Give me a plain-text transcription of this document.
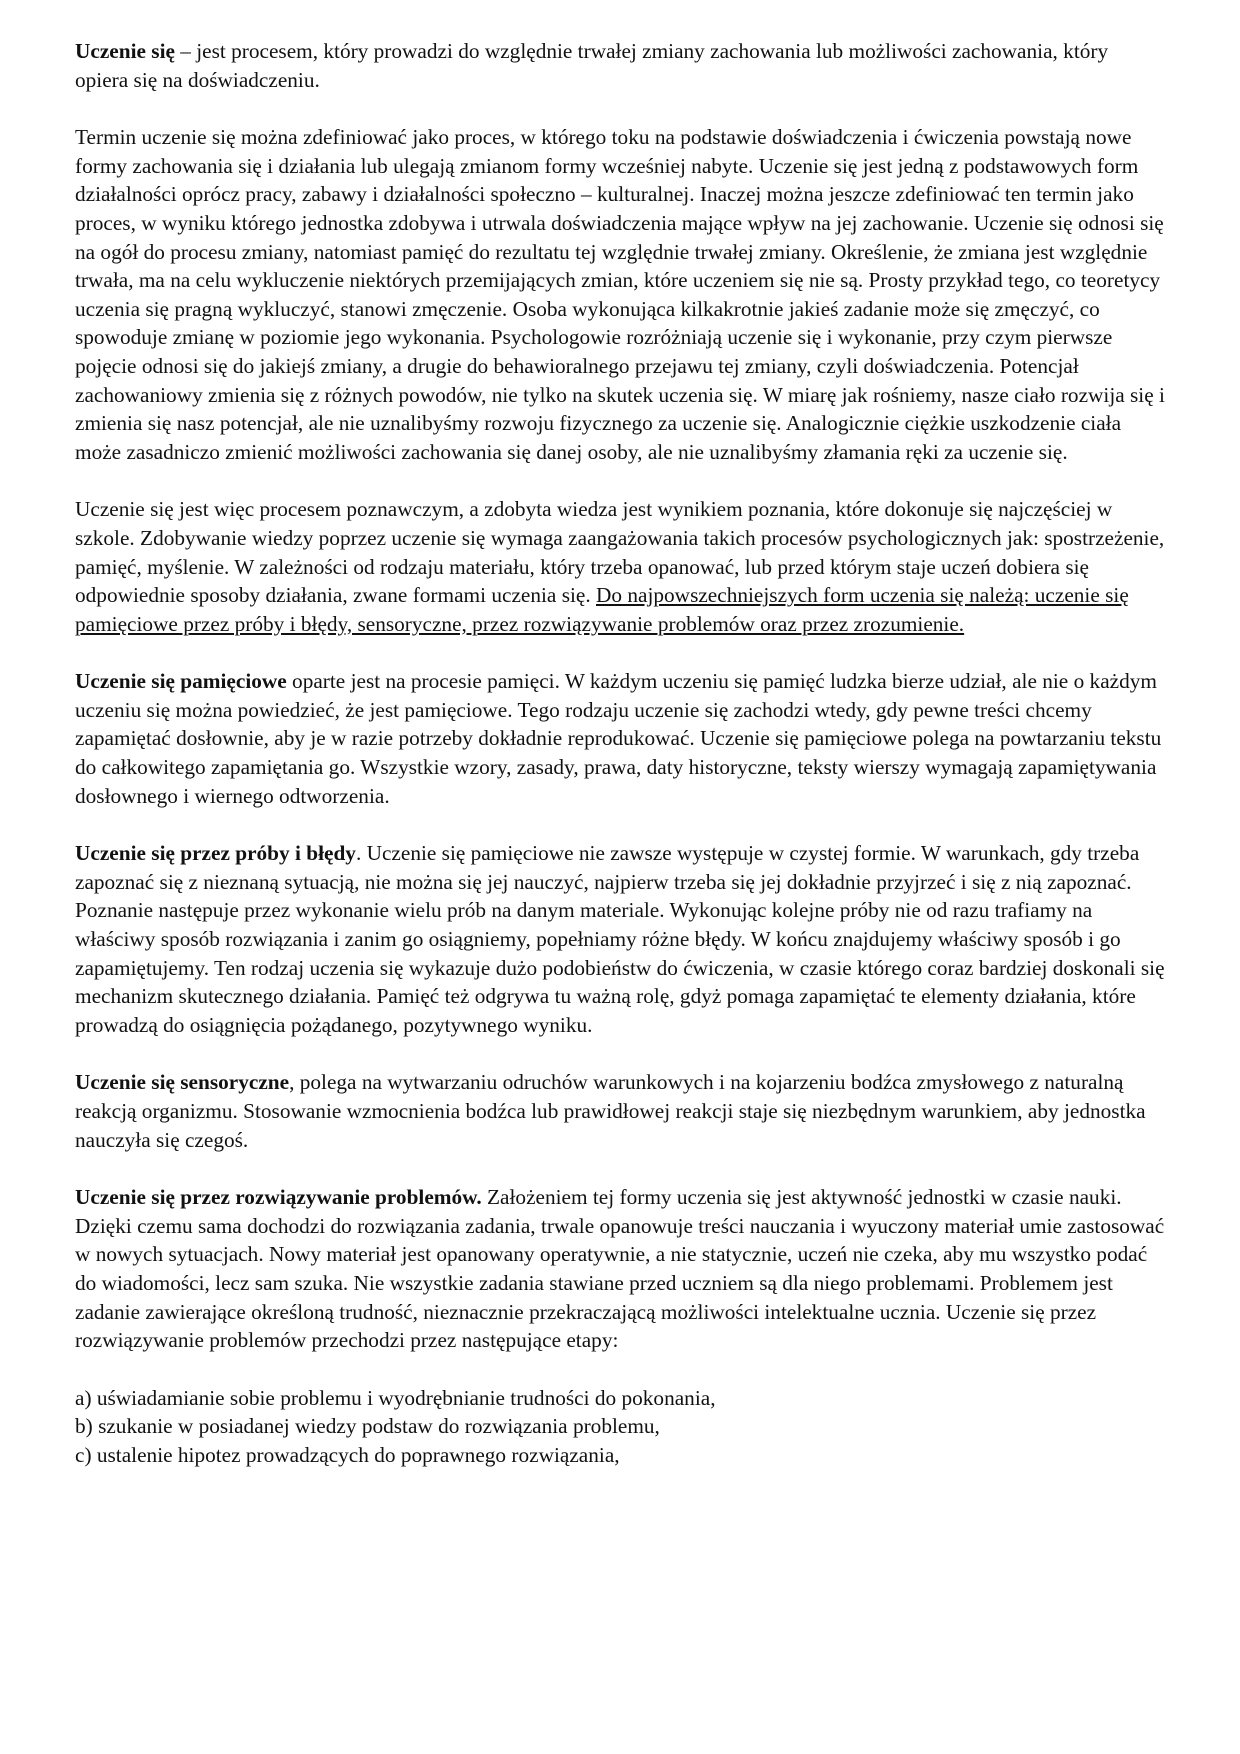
Uczenie się – jest procesem, który prowadzi do względnie trwałej zmiany zachowania lub możliwości zachowania, który opiera się na doświadczeniu.

Termin uczenie się można zdefiniować jako proces, w którego toku na podstawie doświadczenia i ćwiczenia powstają nowe formy zachowania się i działania lub ulegają zmianom formy wcześniej nabyte. Uczenie się jest jedną z podstawowych form działalności oprócz pracy, zabawy i działalności społeczno – kulturalnej. Inaczej można jeszcze zdefiniować ten termin jako proces, w wyniku którego jednostka zdobywa i utrwala doświadczenia mające wpływ na jej zachowanie. Uczenie się odnosi się na ogół do procesu zmiany, natomiast pamięć do rezultatu tej względnie trwałej zmiany. Określenie, że zmiana jest względnie trwała, ma na celu wykluczenie niektórych przemijających zmian, które uczeniem się nie są. Prosty przykład tego, co teoretycy uczenia się pragną wykluczyć, stanowi zmęczenie. Osoba wykonująca kilkakrotnie jakieś zadanie może się zmęczyć, co spowoduje zmianę w poziomie jego wykonania. Psychologowie rozróżniają uczenie się i wykonanie, przy czym pierwsze pojęcie odnosi się do jakiejś zmiany, a drugie do behawioralnego przejawu tej zmiany, czyli doświadczenia. Potencjał zachowaniowy zmienia się z różnych powodów, nie tylko na skutek uczenia się. W miarę jak rośniemy, nasze ciało rozwija się i zmienia się nasz potencjał, ale nie uznalibyśmy rozwoju fizycznego za uczenie się. Analogicznie ciężkie uszkodzenie ciała może zasadniczo zmienić możliwości zachowania się danej osoby, ale nie uznalibyśmy złamania ręki za uczenie się.

Uczenie się jest więc procesem poznawczym, a zdobyta wiedza jest wynikiem poznania, które dokonuje się najczęściej w szkole. Zdobywanie wiedzy poprzez uczenie się wymaga zaangażowania takich procesów psychologicznych jak: spostrzeżenie, pamięć, myślenie. W zależności od rodzaju materiału, który trzeba opanować, lub przed którym staje uczeń dobiera się odpowiednie sposoby działania, zwane formami uczenia się. Do najpowszechniejszych form uczenia się należą: uczenie się pamięciowe przez próby i błędy, sensoryczne, przez rozwiązywanie problemów oraz przez zrozumienie.

Uczenie się pamięciowe oparte jest na procesie pamięci. W każdym uczeniu się pamięć ludzka bierze udział, ale nie o każdym uczeniu się można powiedzieć, że jest pamięciowe. Tego rodzaju uczenie się zachodzi wtedy, gdy pewne treści chcemy zapamiętać dosłownie, aby je w razie potrzeby dokładnie reprodukować. Uczenie się pamięciowe polega na powtarzaniu tekstu do całkowitego zapamiętania go. Wszystkie wzory, zasady, prawa, daty historyczne, teksty wierszy wymagają zapamiętywania dosłownego i wiernego odtworzenia.

Uczenie się przez próby i błędy. Uczenie się pamięciowe nie zawsze występuje w czystej formie. W warunkach, gdy trzeba zapoznać się z nieznaną sytuacją, nie można się jej nauczyć, najpierw trzeba się jej dokładnie przyjrzeć i się z nią zapoznać. Poznanie następuje przez wykonanie wielu prób na danym materiale. Wykonując kolejne próby nie od razu trafiamy na właściwy sposób rozwiązania i zanim go osiągniemy, popełniamy różne błędy. W końcu znajdujemy właściwy sposób i go zapamiętujemy. Ten rodzaj uczenia się wykazuje dużo podobieństw do ćwiczenia, w czasie którego coraz bardziej doskonali się mechanizm skutecznego działania. Pamięć też odgrywa tu ważną rolę, gdyż pomaga zapamiętać te elementy działania, które prowadzą do osiągnięcia pożądanego, pozytywnego wyniku.

Uczenie się sensoryczne, polega na wytwarzaniu odruchów warunkowych i na kojarzeniu bodźca zmysłowego z naturalną reakcją organizmu. Stosowanie wzmocnienia bodźca lub prawidłowej reakcji staje się niezbędnym warunkiem, aby jednostka nauczyła się czegoś.

Uczenie się przez rozwiązywanie problemów. Założeniem tej formy uczenia się jest aktywność jednostki w czasie nauki. Dzięki czemu sama dochodzi do rozwiązania zadania, trwale opanowuje treści nauczania i wyuczony materiał umie zastosować w nowych sytuacjach. Nowy materiał jest opanowany operatywnie, a nie statycznie, uczeń nie czeka, aby mu wszystko podać do wiadomości, lecz sam szuka. Nie wszystkie zadania stawiane przed uczniem są dla niego problemami. Problemem jest zadanie zawierające określoną trudność, nieznacznie przekraczającą możliwości intelektualne ucznia. Uczenie się przez rozwiązywanie problemów przechodzi przez następujące etapy:

a) uświadamianie sobie problemu i wyodrębnianie trudności do pokonania,
b) szukanie w posiadanej wiedzy podstaw do rozwiązania problemu,
c) ustalenie hipotez prowadzących do poprawnego rozwiązania,
